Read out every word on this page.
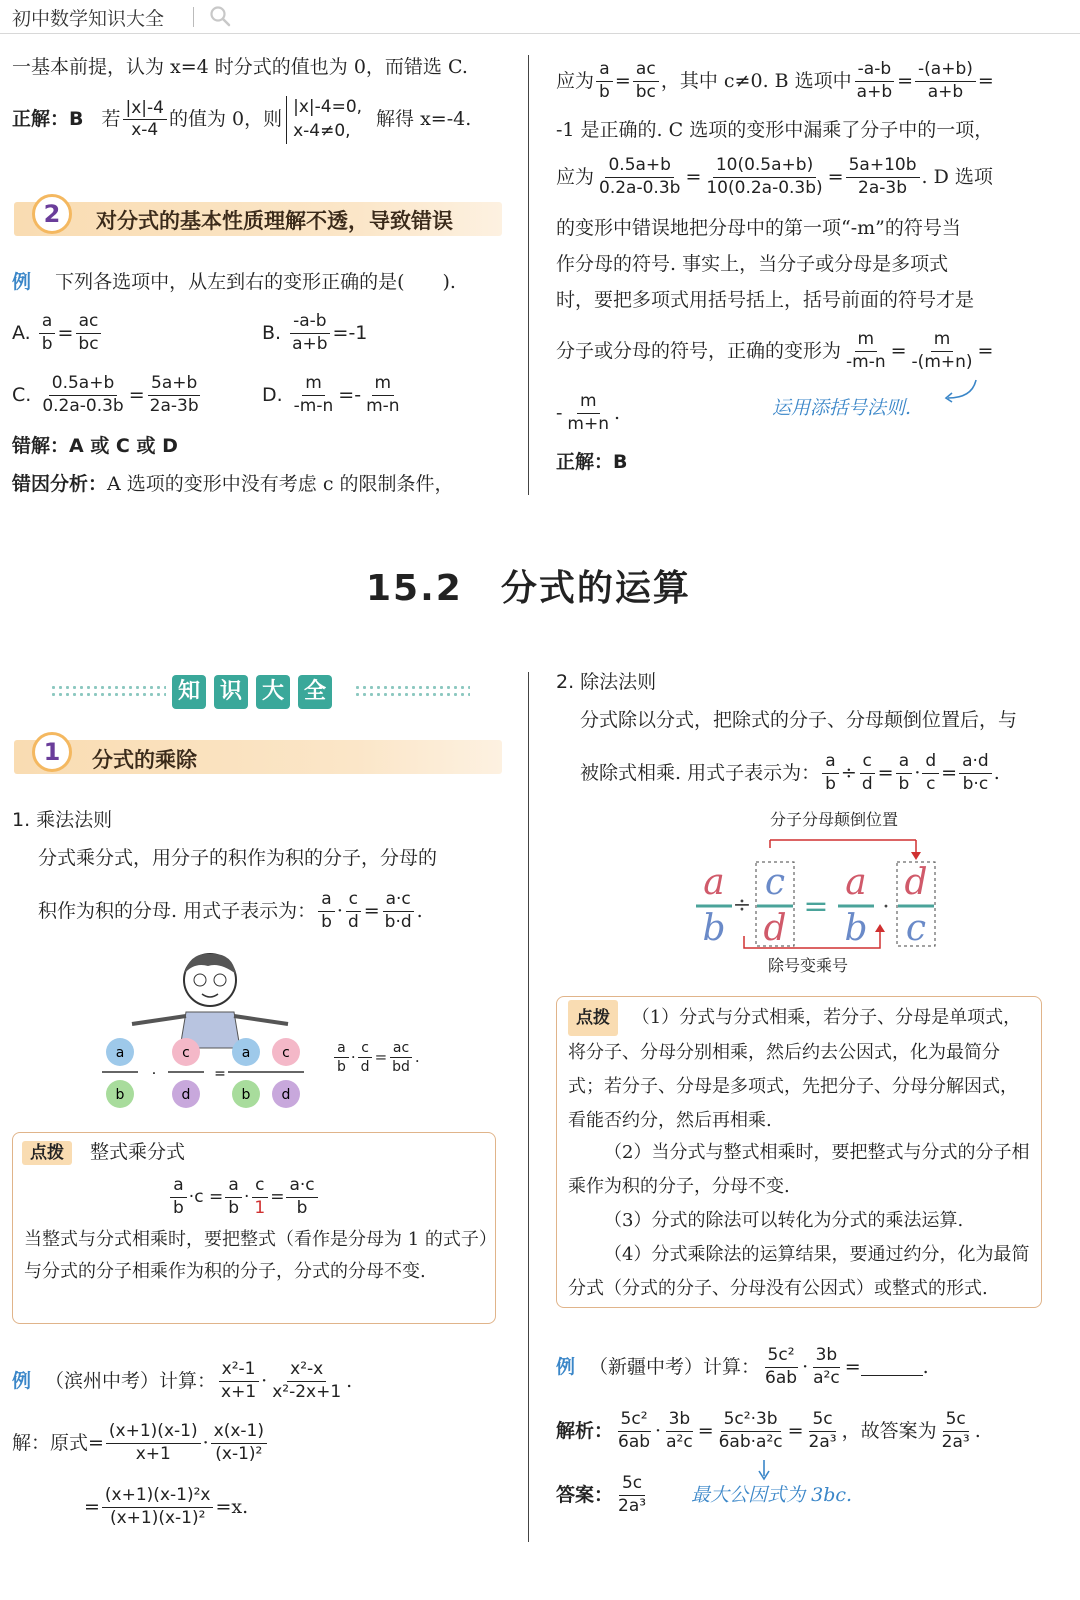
初中数学知识大全
一基本前提，认为 x=4 时分式的值也为 0，而错选 C.
正解：B 若 $\frac{|x|-4}{x-4}$ 的值为 0，则
|x|-4=0,
x-4≠0,
解得 x=-4.
2	对分式的基本性质理解不透，导致错误
例 下列各选项中，从左到右的变形正确的是(　　).
A. $\frac{a}{b} = \frac{ac}{bc}$	B. $\frac{-a-b}{a+b} =-1$
C. $\frac{0.5a+b}{0.2a-0.3b} = \frac{5a+b}{2a-3b}$	D. $\frac{m}{-m-n} =- \frac{m}{m-n}$
错解：A 或 C 或 D
错因分析：A 选项的变形中没有考虑 c 的限制条件，
应为 $\frac{a}{b} = \frac{ac}{bc}$ ，其中 c≠0. B 选项中 $\frac{-a-b}{a+b} = \frac{-(a+b)}{a+b}$ =
-1 是正确的. C 选项的变形中漏乘了分子中的一项，
应为 $\frac{0.5a+b}{0.2a-0.3b} = \frac{10(0.5a+b)}{10(0.2a-0.3b)} = \frac{5a+10b}{2a-3b}$ . D 选项
的变形中错误地把分母中的第一项“-m”的符号当
作分母的符号. 事实上，当分子或分母是多项式
时，要把多项式用括号括上，括号前面的符号才是
分子或分母的符号，正确的变形为 $\frac{m}{-m-n} = \frac{m}{-(m+n)}$ =
- $\frac{m}{m+n}$ .	运用添括号法则.
正解：B
15.2　分式的运算
知 识 大 全
1	分式的乘除
1. 乘法法则
分式乘分式，用分子的积作为积的分子，分母的
积作为积的分母. 用式子表示为： $\frac{a}{b} \cdot \frac{c}{d} = \frac{a\cdot c}{b\cdot d}$ .
a
b
·
c
d
=
a c
b d
$\frac{a}{b} \cdot \frac{c}{d} = \frac{ac}{bd}$ .
点拨 整式乘分式
$\frac{a}{b} \cdot c = \frac{a}{b} \cdot \frac{c}{1} = \frac{a\cdot c}{b}$
当整式与分式相乘时，要把整式（看作是分母为 1 的式子）与分式的分子相乘作为积的分子，分式的分母不变.
例 （滨州中考）计算： $\frac{\text{x²-1}}{x+1} \cdot \frac{\text{x²-x}}{\text{x²-2x+1}}$ .
解：原式= $\frac{(x+1)(x-1)}{x+1} \cdot \frac{x(x-1)}{\text{(x-1)²}}$
= $\frac{\text{(x+1)(x-1)²x}}{\text{(x+1)(x-1)²}} =x$.
2. 除法法则
分式除以分式，把除式的分子、分母颠倒位置后，与
被除式相乘. 用式子表示为： $\frac{a}{b} \div \frac{c}{d} = \frac{a}{b} \cdot \frac{d}{c} = \frac{a\cdot d}{b\cdot c}$ .
分子分母颠倒位置
除号变乘号
a
b
÷
c
d
=
a
b
·
d
c
点拨 （1）分式与分式相乘，若分子、分母是单项式，将分子、分母分别相乘，然后约去公因式，化为最简分式；若分子、分母是多项式，先把分子、分母分解因式，看能否约分，然后再相乘.
（2）当分式与整式相乘时，要把整式与分式的分子相乘作为积的分子，分母不变.
（3）分式的除法可以转化为分式的乘法运算.
（4）分式乘除法的运算结果，要通过约分，化为最简分式（分式的分子、分母没有公因式）或整式的形式.
例 （新疆中考）计算： $\frac{\text{5c²}}{6ab} \cdot \frac{3b}{\text{a²c}}$ =	.
解析： $\frac{\text{5c²}}{6ab} \cdot \frac{3b}{\text{a²c}} = \frac{\text{5c²·3b}}{\text{6ab·a²c}} = \frac{5c}{\text{2a³}}$ ，故答案为 $\frac{5c}{\text{2a³}}$ .
答案： $\frac{5c}{\text{2a³}}$ 最大公因式为 3bc.
